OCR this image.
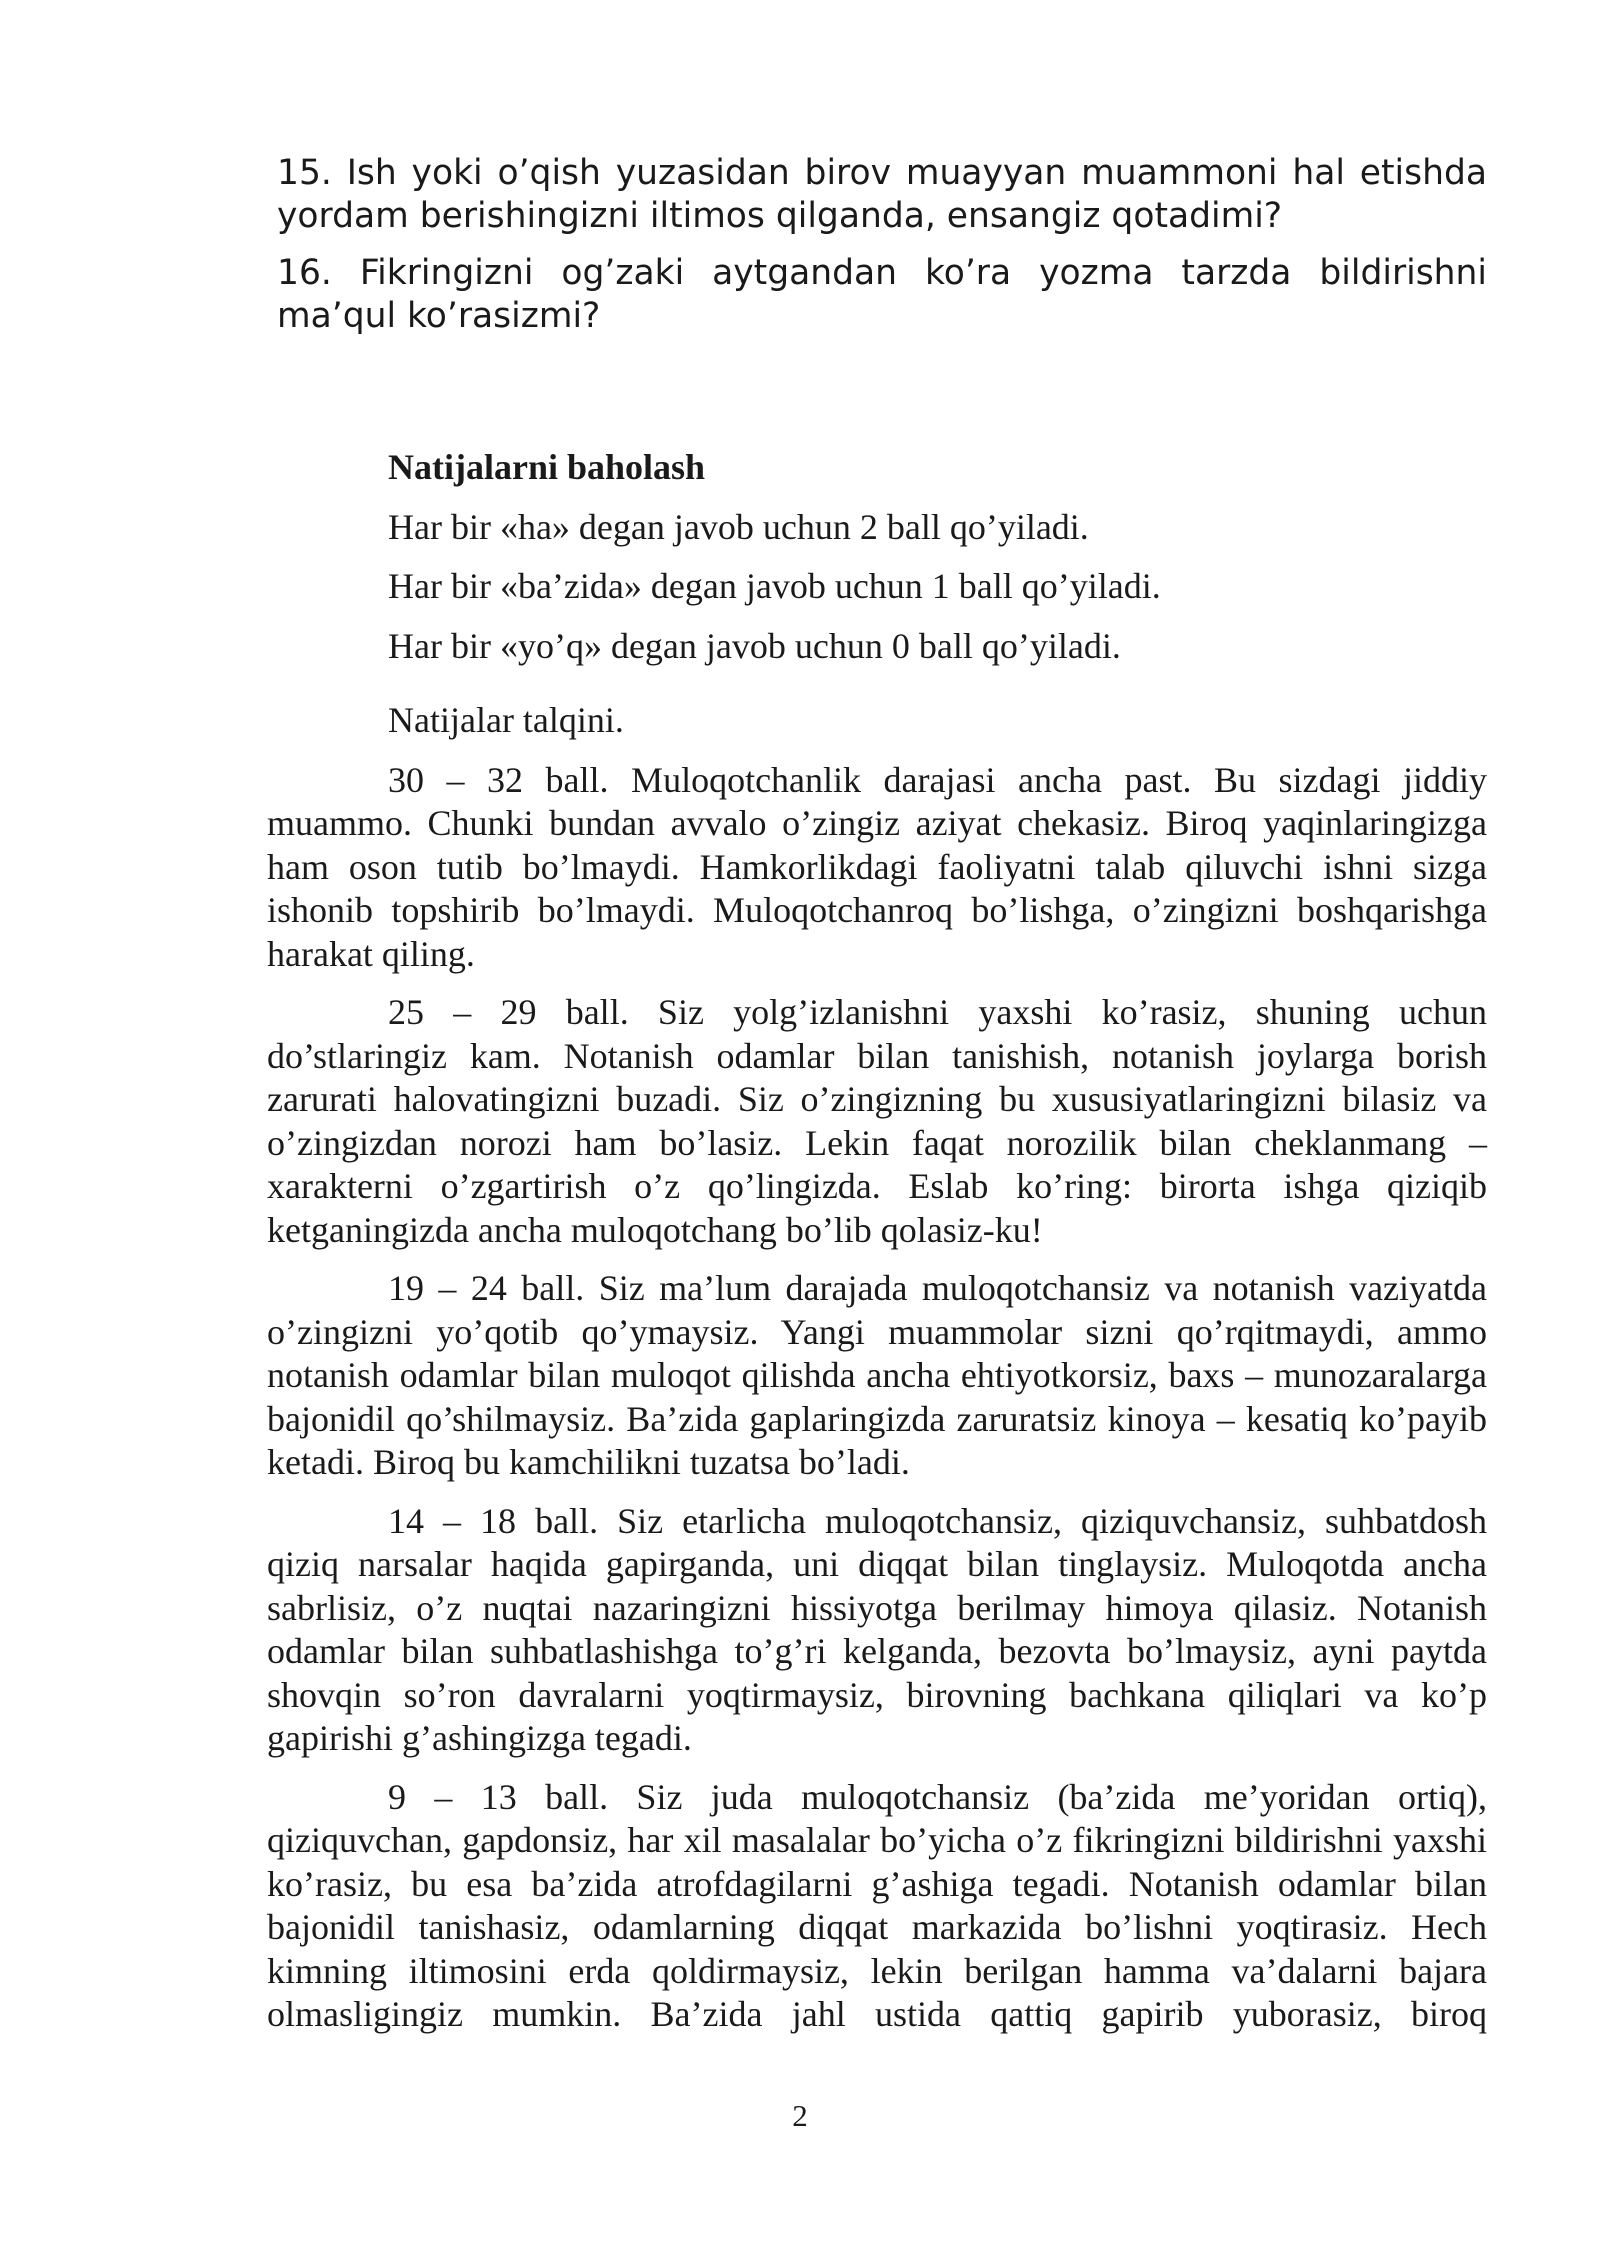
15. Ish yoki o’qish yuzasidan birov muayyan muammoni hal etishda yordam berishingizni iltimos qilganda, ensangiz qotadimi?

16. Fikringizni og’zaki aytgandan ko’ra yozma tarzda bildirishni ma’qul ko’rasizmi?

Natijalarni baholash

Har bir «ha» degan javob uchun 2 ball qo’yiladi.

Har bir «ba’zida» degan javob uchun 1 ball qo’yiladi.

Har bir «yo’q» degan javob uchun 0 ball qo’yiladi.

Natijalar talqini.

30 – 32 ball. Muloqotchanlik darajasi ancha past. Bu sizdagi jiddiy muammo. Chunki bundan avvalo o’zingiz aziyat chekasiz. Biroq yaqinlaringizga ham oson tutib bo’lmaydi. Hamkorlikdagi faoliyatni talab qiluvchi ishni sizga ishonib topshirib bo’lmaydi. Muloqotchanroq bo’lishga, o’zingizni boshqarishga harakat qiling.

25 – 29 ball. Siz yolg’izlanishni yaxshi ko’rasiz, shuning uchun do’stlaringiz kam. Notanish odamlar bilan tanishish, notanish joylarga borish zarurati halovatingizni buzadi. Siz o’zingizning bu xususiyatlaringizni bilasiz va o’zingizdan norozi ham bo’lasiz. Lekin faqat norozilik bilan cheklanmang – xarakterni o’zgartirish o’z qo’lingizda. Eslab ko’ring: birorta ishga qiziqib ketganingizda ancha muloqotchang bo’lib qolasiz-ku!

19 – 24 ball. Siz ma’lum darajada muloqotchansiz va notanish vaziyatda o’zingizni yo’qotib qo’ymaysiz. Yangi muammolar sizni qo’rqitmaydi, ammo notanish odamlar bilan muloqot qilishda ancha ehtiyotkorsiz, baxs – munozaralarga bajonidil qo’shilmaysiz. Ba’zida gaplaringizda zaruratsiz kinoya – kesatiq ko’payib ketadi. Biroq bu kamchilikni tuzatsa bo’ladi.

14 – 18 ball. Siz etarlicha muloqotchansiz, qiziquvchansiz, suhbatdosh qiziq narsalar haqida gapirganda, uni diqqat bilan tinglaysiz. Muloqotda ancha sabrlisiz, o’z nuqtai nazaringizni hissiyotga berilmay himoya qilasiz. Notanish odamlar bilan suhbatlashishga to’g’ri kelganda, bezovta bo’lmaysiz, ayni paytda shovqin so’ron davralarni yoqtirmaysiz, birovning bachkana qiliqlari va ko’p gapirishi g’ashingizga tegadi.

9 – 13 ball. Siz juda muloqotchansiz (ba’zida me’yoridan ortiq), qiziquvchan, gapdonsiz, har xil masalalar bo’yicha o’z fikringizni bildirishni yaxshi ko’rasiz, bu esa ba’zida atrofdagilarni g’ashiga tegadi. Notanish odamlar bilan bajonidil tanishasiz, odamlarning diqqat markazida bo’lishni yoqtirasiz. Hech kimning iltimosini erda qoldirmaysiz, lekin berilgan hamma va’dalarni bajara olmasligingiz mumkin. Ba’zida jahl ustida qattiq gapirib yuborasiz, biroq

2
